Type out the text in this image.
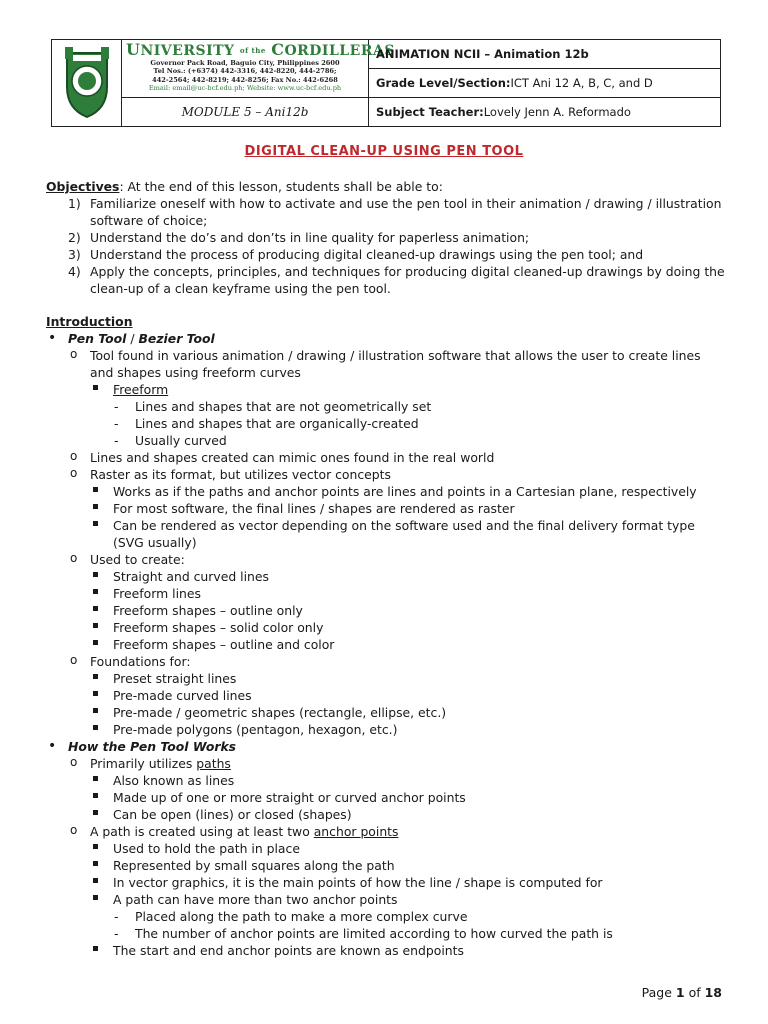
UNIVERSITY of the CORDILLERAS
Governor Pack Road, Baguio City, Philippines 2600
Tel Nos.: (+6374) 442-3316, 442-8220, 444-2786;
442-2564; 442-8219; 442-8256; Fax No.: 442-6268
Email: email@uc-bcf.edu.ph; Website: www.uc-bcf.edu.ph
MODULE 5 – Ani12b
ANIMATION NCII – Animation 12b
Grade Level/Section: ICT Ani 12 A, B, C, and D
Subject Teacher: Lovely Jenn A. Reformado
DIGITAL CLEAN-UP USING PEN TOOL

Objectives: At the end of this lesson, students shall be able to:

1) Familiarize oneself with how to activate and use the pen tool in their animation / drawing / illustration software of choice;
2) Understand the do’s and don’ts in line quality for paperless animation;
3) Understand the process of producing digital cleaned-up drawings using the pen tool; and
4) Apply the concepts, principles, and techniques for producing digital cleaned-up drawings by doing the clean-up of a clean keyframe using the pen tool.

Introduction

• Pen Tool / Bezier Tool
o Tool found in various animation / drawing / illustration software that allows the user to create lines and shapes using freeform curves
Freeform
- Lines and shapes that are not geometrically set
- Lines and shapes that are organically-created
- Usually curved
o Lines and shapes created can mimic ones found in the real world
o Raster as its format, but utilizes vector concepts
Works as if the paths and anchor points are lines and points in a Cartesian plane, respectively
For most software, the final lines / shapes are rendered as raster
Can be rendered as vector depending on the software used and the final delivery format type (SVG usually)
o Used to create:
Straight and curved lines
Freeform lines
Freeform shapes – outline only
Freeform shapes – solid color only
Freeform shapes – outline and color
o Foundations for:
Preset straight lines
Pre-made curved lines
Pre-made / geometric shapes (rectangle, ellipse, etc.)
Pre-made polygons (pentagon, hexagon, etc.)
• How the Pen Tool Works
o Primarily utilizes paths
Also known as lines
Made up of one or more straight or curved anchor points
Can be open (lines) or closed (shapes)
o A path is created using at least two anchor points
Used to hold the path in place
Represented by small squares along the path
In vector graphics, it is the main points of how the line / shape is computed for
A path can have more than two anchor points
- Placed along the path to make a more complex curve
- The number of anchor points are limited according to how curved the path is
The start and end anchor points are known as endpoints
Page 1 of 18
